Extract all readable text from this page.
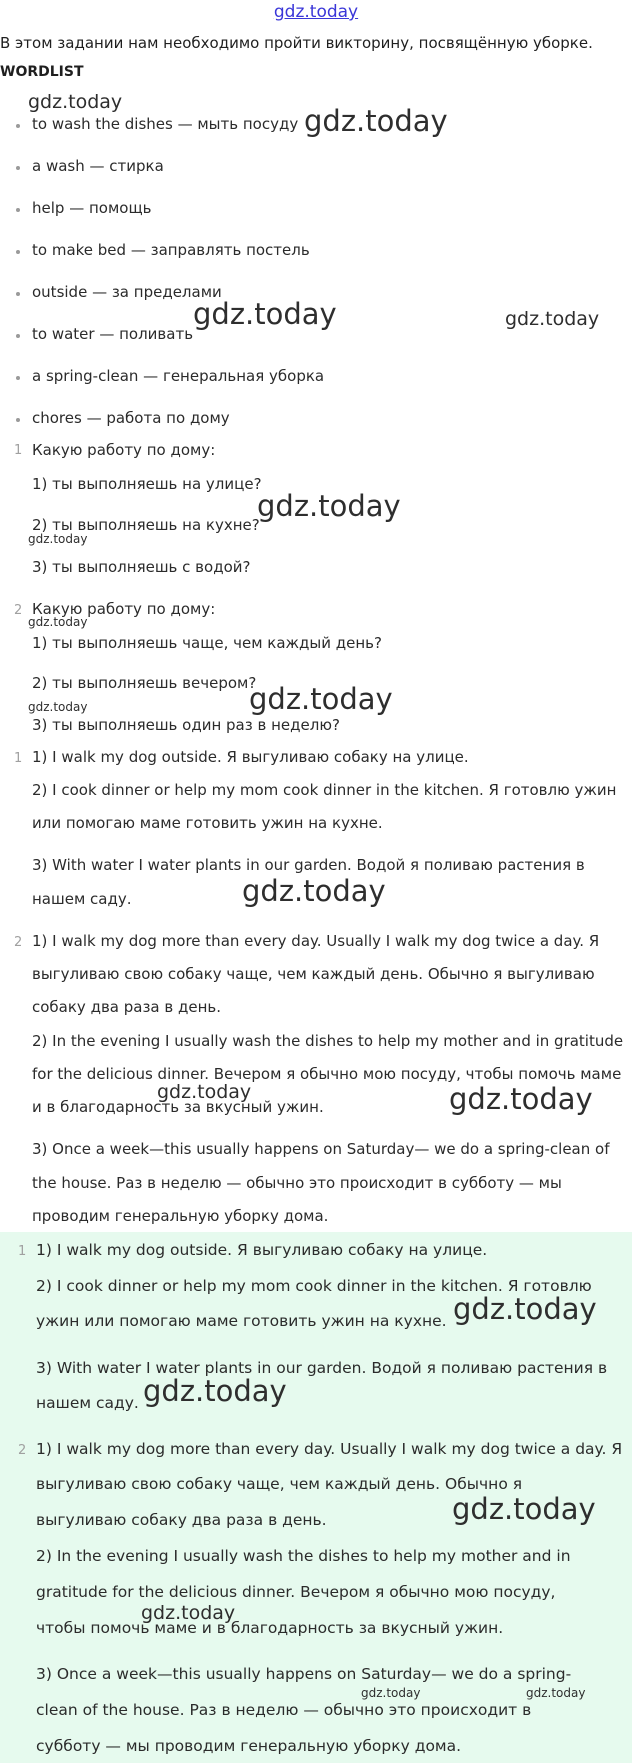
gdz.today
В этом задании нам необходимо пройти викторину, посвящённую уборке.
WORDLIST
to wash the dishes — мыть посуду
a wash — стирка
help — помощь
to make bed — заправлять постель
outside — за пределами
to water — поливать
a spring-clean — генеральная уборка
chores — работа по дому
1 Какую работу по дому:
1) ты выполняешь на улице?
2) ты выполняешь на кухне?
3) ты выполняешь с водой?
2 Какую работу по дому:
1) ты выполняешь чаще, чем каждый день?
2) ты выполняешь вечером?
3) ты выполняешь один раз в неделю?
1 1) I walk my dog outside. Я выгуливаю собаку на улице.
2) I cook dinner or help my mom cook dinner in the kitchen. Я готовлю ужин
или помогаю маме готовить ужин на кухне.
3) With water I water plants in our garden. Водой я поливаю растения в
нашем саду.
2 1) I walk my dog more than every day. Usually I walk my dog twice a day. Я
выгуливаю свою собаку чаще, чем каждый день. Обычно я выгуливаю
собаку два раза в день.
2) In the evening I usually wash the dishes to help my mother and in gratitude
for the delicious dinner. Вечером я обычно мою посуду, чтобы помочь маме
и в благодарность за вкусный ужин.
3) Once a week—this usually happens on Saturday— we do a spring-clean of
the house. Раз в неделю — обычно это происходит в субботу — мы
проводим генеральную уборку дома.
1 1) I walk my dog outside. Я выгуливаю собаку на улице.
2) I cook dinner or help my mom cook dinner in the kitchen. Я готовлю
ужин или помогаю маме готовить ужин на кухне.
3) With water I water plants in our garden. Водой я поливаю растения в
нашем саду.
2 1) I walk my dog more than every day. Usually I walk my dog twice a day. Я
выгуливаю свою собаку чаще, чем каждый день. Обычно я
выгуливаю собаку два раза в день.
2) In the evening I usually wash the dishes to help my mother and in
gratitude for the delicious dinner. Вечером я обычно мою посуду,
чтобы помочь маме и в благодарность за вкусный ужин.
3) Once a week—this usually happens on Saturday— we do a spring-
clean of the house. Раз в неделю — обычно это происходит в
субботу — мы проводим генеральную уборку дома.
gdz.today
gdz.today
gdz.today	gdz.today
gdz.today
gdz.today
gdz.today
gdz.today	gdz.today
gdz.today
gdz.today	gdz.today
gdz.today
gdz.today
gdz.today
gdz.today
gdz.today	gdz.today
